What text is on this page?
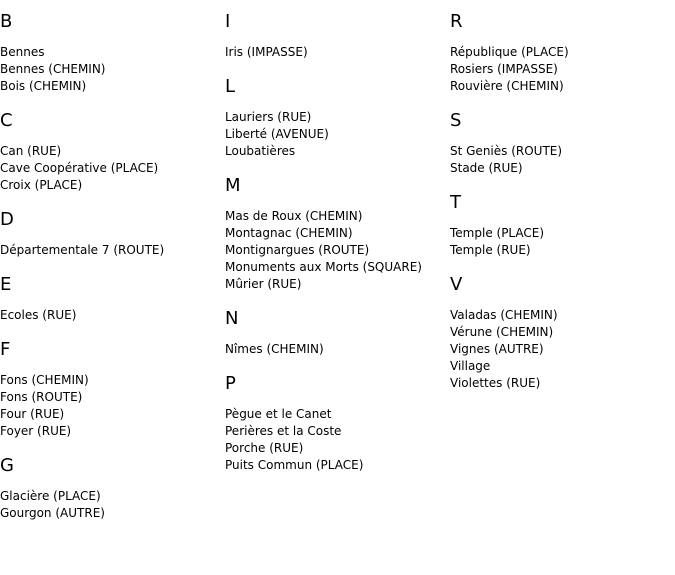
B
Bennes
Bennes (CHEMIN)
Bois (CHEMIN)
C
Can (RUE)
Cave Coopérative (PLACE)
Croix (PLACE)
D
Départementale 7 (ROUTE)
E
Ecoles (RUE)
F
Fons (CHEMIN)
Fons (ROUTE)
Four (RUE)
Foyer (RUE)
G
Glacière (PLACE)
Gourgon (AUTRE)
I
Iris (IMPASSE)
L
Lauriers (RUE)
Liberté (AVENUE)
Loubatières
M
Mas de Roux (CHEMIN)
Montagnac (CHEMIN)
Montignargues (ROUTE)
Monuments aux Morts (SQUARE)
Mûrier (RUE)
N
Nîmes (CHEMIN)
P
Pègue et le Canet
Perières et la Coste
Porche (RUE)
Puits Commun (PLACE)
R
République (PLACE)
Rosiers (IMPASSE)
Rouvière (CHEMIN)
S
St Geniès (ROUTE)
Stade (RUE)
T
Temple (PLACE)
Temple (RUE)
V
Valadas (CHEMIN)
Vérune (CHEMIN)
Vignes (AUTRE)
Village
Violettes (RUE)
